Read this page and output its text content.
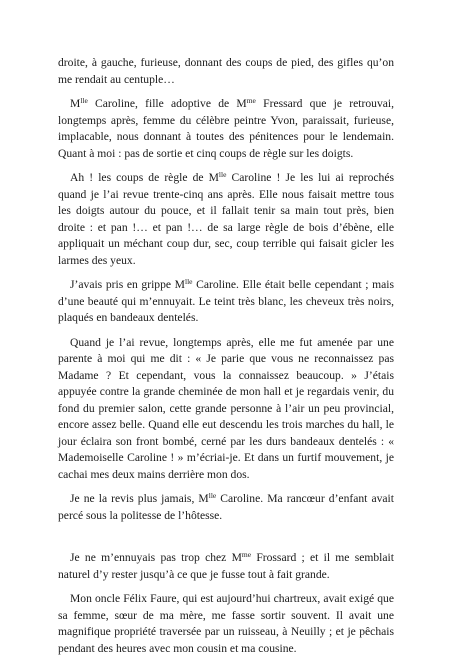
droite, à gauche, furieuse, donnant des coups de pied, des gifles qu’on me rendait au centuple…

$M^{lle}$ Caroline, fille adoptive de $M^{me}$ Fressard que je retrouvai, longtemps après, femme du célèbre peintre Yvon, paraissait, furieuse, implacable, nous donnant à toutes des pénitences pour le lendemain. Quant à moi : pas de sortie et cinq coups de règle sur les doigts.

Ah ! les coups de règle de $M^{lle}$ Caroline ! Je les lui ai reprochés quand je l’ai revue trente-cinq ans après. Elle nous faisait mettre tous les doigts autour du pouce, et il fallait tenir sa main tout près, bien droite : et pan !… et pan !… de sa large règle de bois d’ébène, elle appliquait un méchant coup dur, sec, coup terrible qui faisait gicler les larmes des yeux.

J’avais pris en grippe $M^{lle}$ Caroline. Elle était belle cependant ; mais d’une beauté qui m’ennuyait. Le teint très blanc, les cheveux très noirs, plaqués en bandeaux dentelés.

Quand je l’ai revue, longtemps après, elle me fut amenée par une parente à moi qui me dit : « Je parie que vous ne reconnaissez pas Madame ? Et cependant, vous la connaissez beaucoup. » J’étais appuyée contre la grande cheminée de mon hall et je regardais venir, du fond du premier salon, cette grande personne à l’air un peu provincial, encore assez belle. Quand elle eut descendu les trois marches du hall, le jour éclaira son front bombé, cerné par les durs bandeaux dentelés : « Mademoiselle Caroline ! » m’écriai-je. Et dans un furtif mouvement, je cachai mes deux mains derrière mon dos.

Je ne la revis plus jamais, $M^{lle}$ Caroline. Ma rancœur d’enfant avait percé sous la politesse de l’hôtesse.

Je ne m’ennuyais pas trop chez $M^{me}$ Frossard ; et il me semblait naturel d’y rester jusqu’à ce que je fusse tout à fait grande.

Mon oncle Félix Faure, qui est aujourd’hui chartreux, avait exigé que sa femme, sœur de ma mère, me fasse sortir souvent. Il avait une magnifique propriété traversée par un ruisseau, à Neuilly ; et je pêchais pendant des heures avec mon cousin et ma cousine.
